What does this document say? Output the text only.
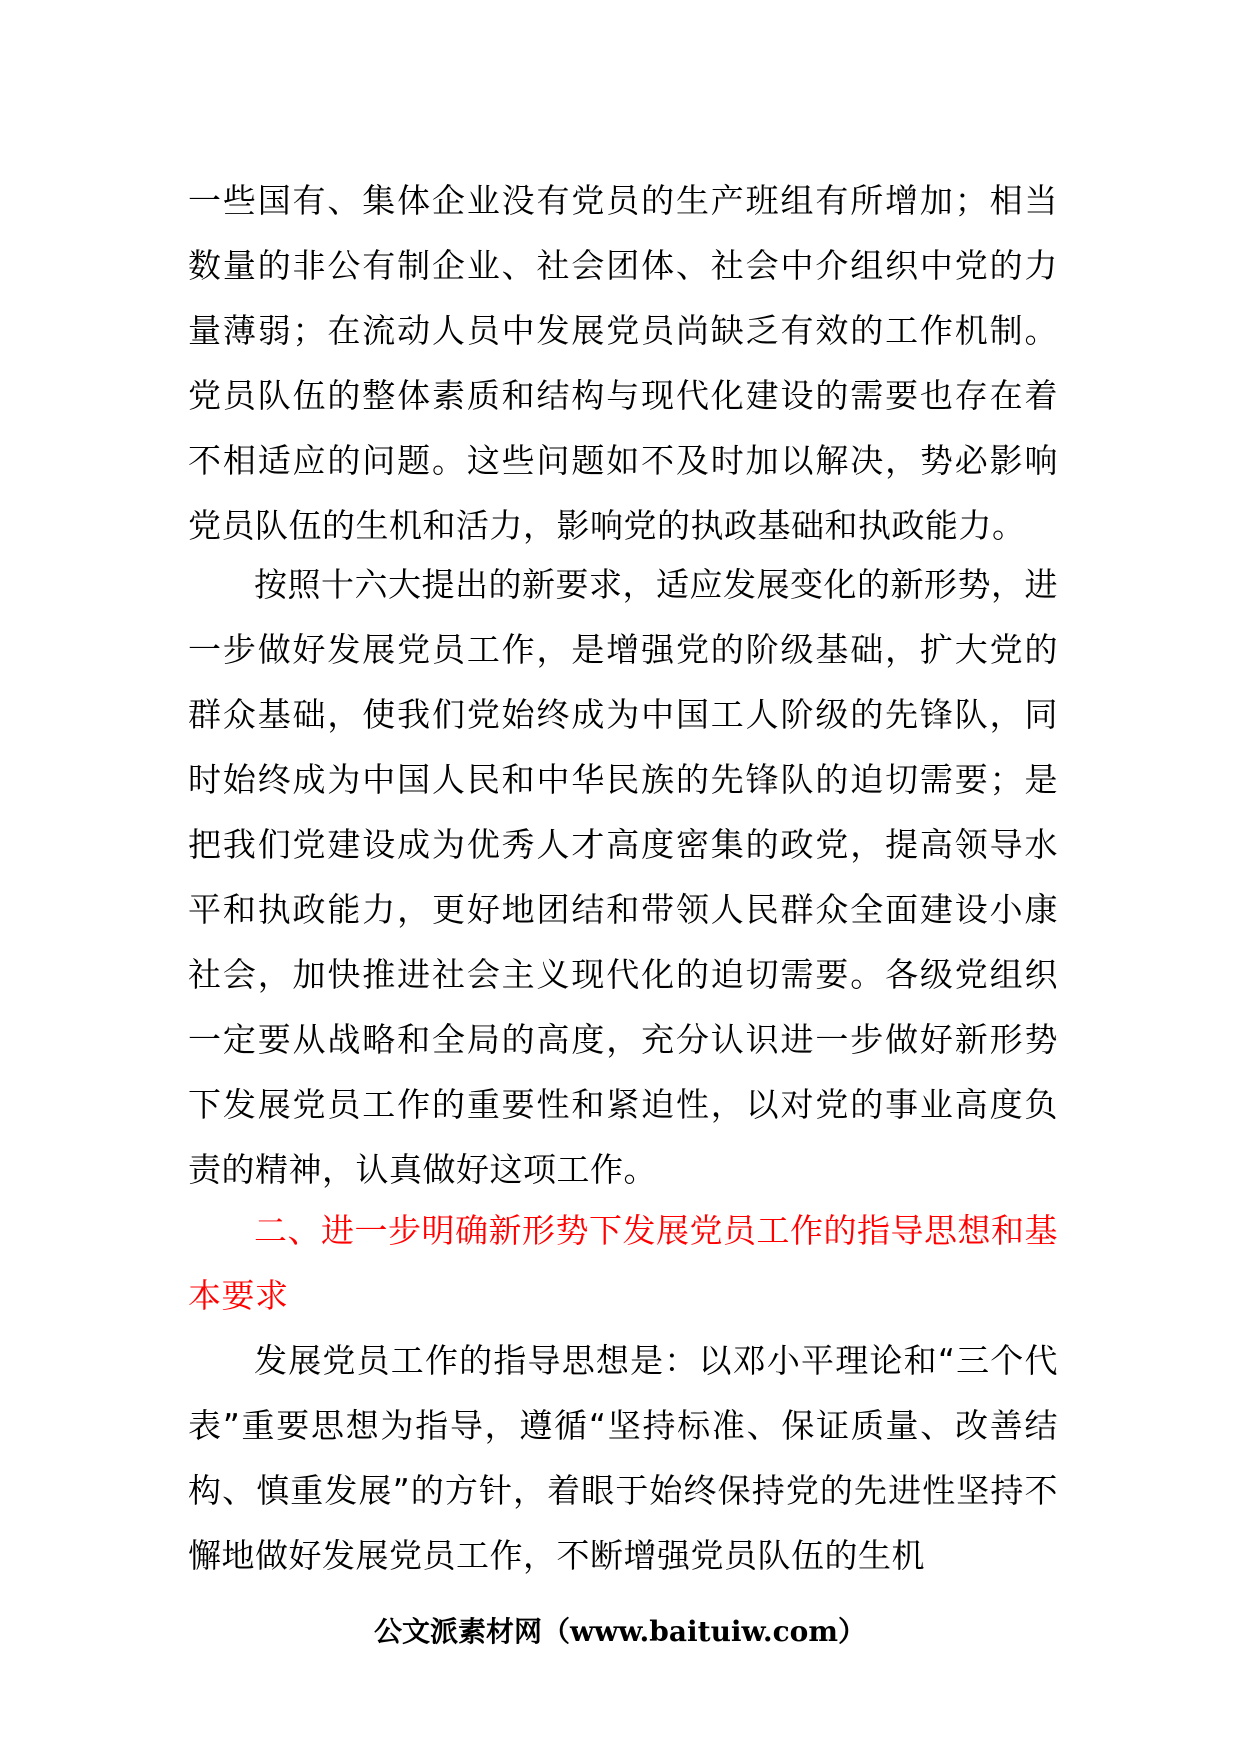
一些国有、集体企业没有党员的生产班组有所增加；相当数量的非公有制企业、社会团体、社会中介组织中党的力量薄弱；在流动人员中发展党员尚缺乏有效的工作机制。党员队伍的整体素质和结构与现代化建设的需要也存在着不相适应的问题。这些问题如不及时加以解决，势必影响党员队伍的生机和活力，影响党的执政基础和执政能力。

按照十六大提出的新要求，适应发展变化的新形势，进一步做好发展党员工作，是增强党的阶级基础，扩大党的群众基础，使我们党始终成为中国工人阶级的先锋队，同时始终成为中国人民和中华民族的先锋队的迫切需要；是把我们党建设成为优秀人才高度密集的政党，提高领导水平和执政能力，更好地团结和带领人民群众全面建设小康社会，加快推进社会主义现代化的迫切需要。各级党组织一定要从战略和全局的高度，充分认识进一步做好新形势下发展党员工作的重要性和紧迫性，以对党的事业高度负责的精神，认真做好这项工作。

二、进一步明确新形势下发展党员工作的指导思想和基本要求

发展党员工作的指导思想是：以邓小平理论和“三个代表”重要思想为指导，遵循“坚持标准、保证质量、改善结构、慎重发展”的方针，着眼于始终保持党的先进性坚持不懈地做好发展党员工作，不断增强党员队伍的生机

公文派素材网（www.baituiw.com）
